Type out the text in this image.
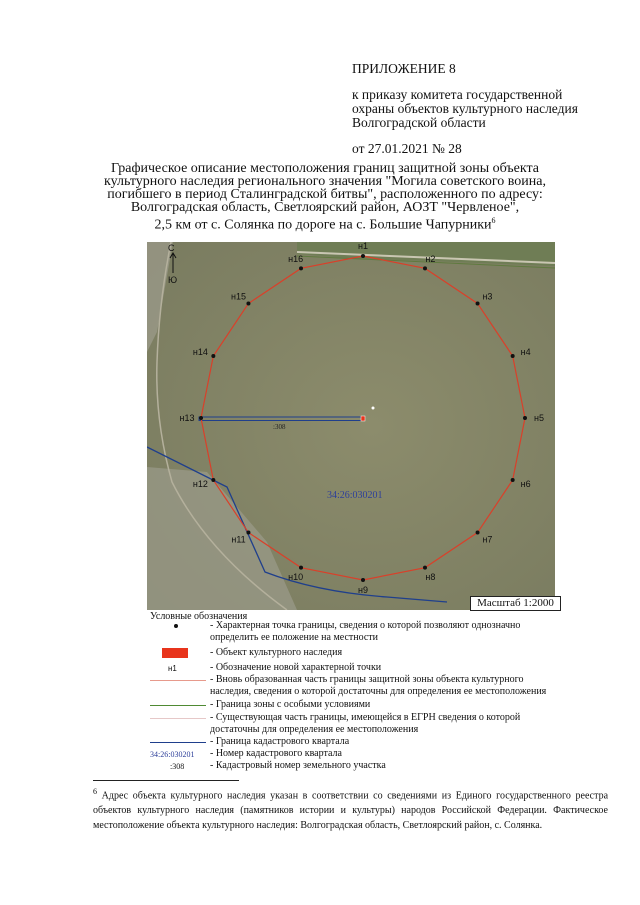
ПРИЛОЖЕНИЕ 8
к приказу комитета государственной
охраны объектов культурного наследия
Волгоградской области
от 27.01.2021 № 28
Графическое описание местоположения границ защитной зоны объекта
культурного наследия регионального значения "Могила советского воина,
погибшего в период Сталинградской битвы", расположенного по адресу:
Волгоградская область, Светлоярский район, АОЗТ "Червленое",
2,5 км от с. Солянка по дороге на с. Большие Чапурники$^6$
:308
34:26:030201
н1
н2
н3
н4
н5
н6
н7
н8
н9
н10
н11
н12
н13
н14
н15
н16
С
Ю
Масштаб 1:2000
Условные обозначения
- Характерная точка границы, сведения о которой позволяют однозначно
определить ее положение на местности
- Объект культурного наследия
н1	- Обозначение новой характерной точки
- Вновь образованная часть границы защитной зоны объекта культурного
наследия, сведения о которой достаточны для определения ее местоположения
- Граница зоны с особыми условиями
- Существующая часть границы, имеющейся в ЕГРН сведения о которой
достаточны для определения ее местоположения
- Граница кадастрового квартала
34:26:030201 - Номер кадастрового квартала
:308	- Кадастровый номер земельного участка
$^6$ Адрес объекта культурного наследия указан в соответствии со сведениями из Единого государственного реестра объектов культурного наследия (памятников истории и культуры) народов Российской Федерации. Фактическое местоположение объекта культурного наследия: Волгоградская область, Светлоярский район, с. Солянка.
